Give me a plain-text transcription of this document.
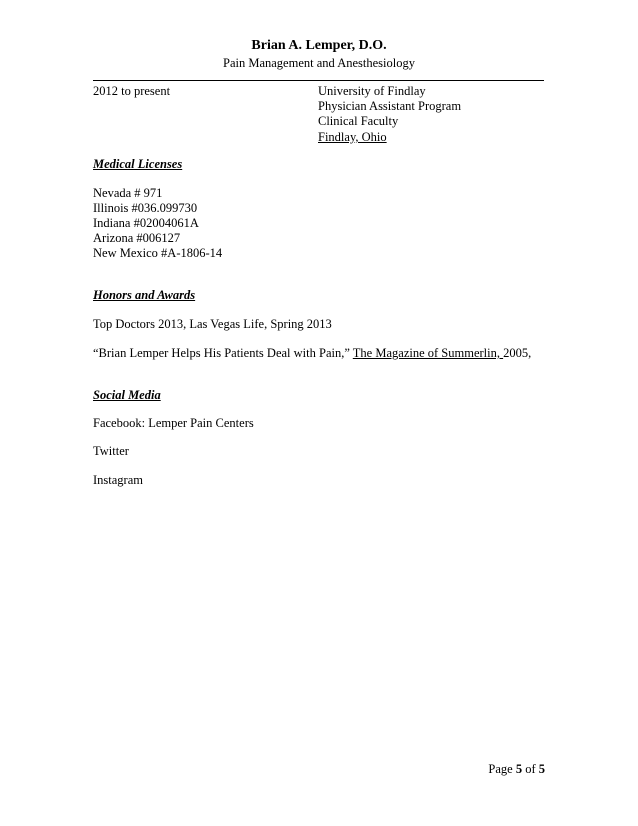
Brian A. Lemper, D.O.
Pain Management and Anesthesiology
2012 to present	University of Findlay
Physician Assistant Program
Clinical Faculty
Findlay, Ohio
Medical Licenses
Nevada # 971
Illinois #036.099730
Indiana #02004061A
Arizona #006127
New Mexico #A-1806-14
Honors and Awards
Top Doctors 2013, Las Vegas Life, Spring 2013
“Brian Lemper Helps His Patients Deal with Pain,” The Magazine of Summerlin, 2005,
Social Media
Facebook: Lemper Pain Centers
Twitter
Instagram
Page 5 of 5
